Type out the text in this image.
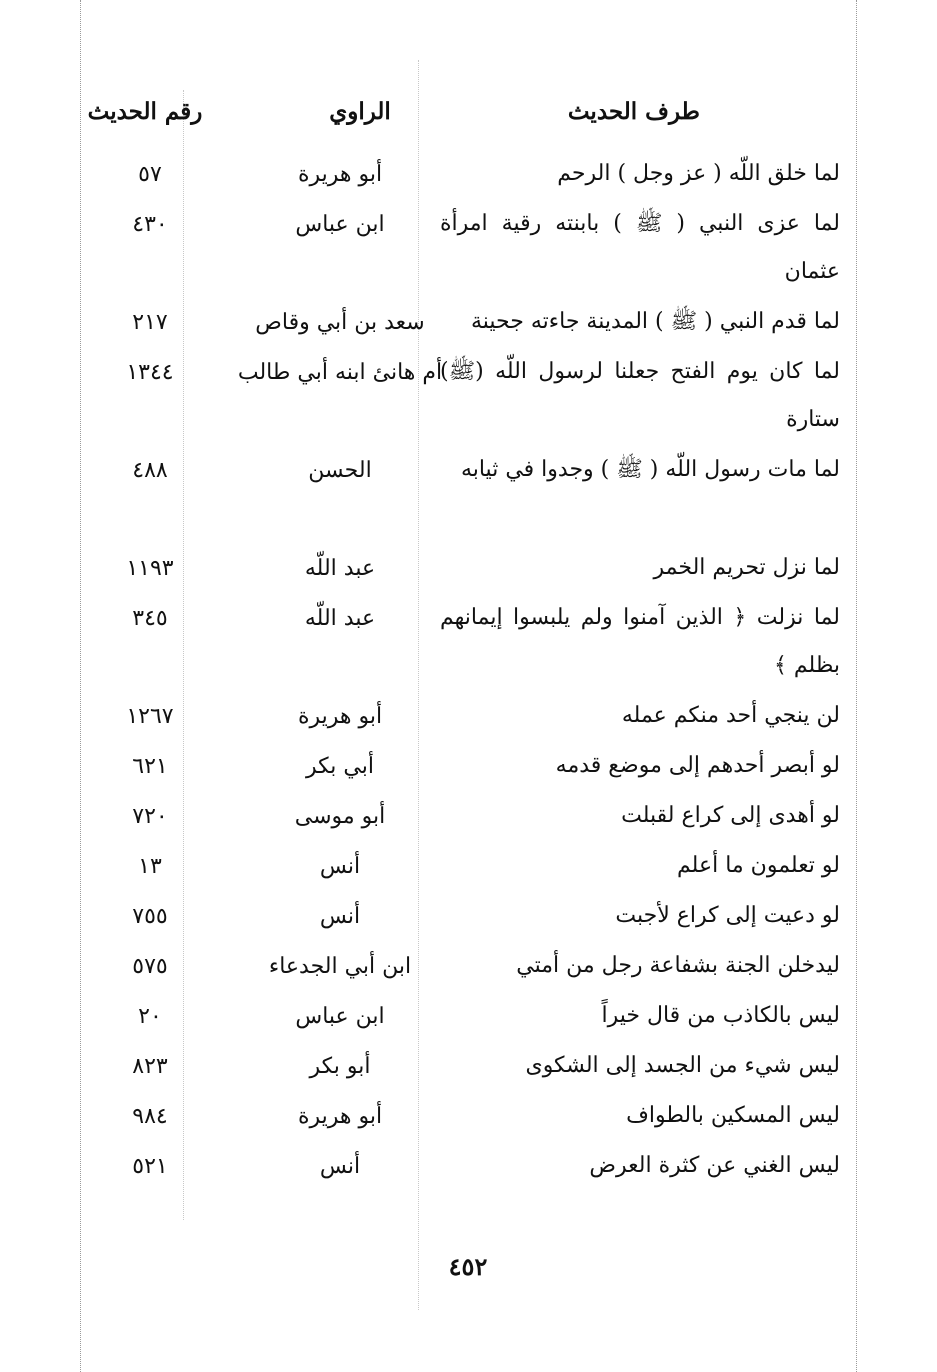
طرف الحديث
الراوي
رقم الحديث
لما خلق اللّه ( عز وجل ) الرحم
أبو هريرة
٥٧
لما عزى النبي ( ﷺ ) بابنته رقية امرأة عثمان
ابن عباس
٤٣٠
لما قدم النبي ( ﷺ ) المدينة جاءته جحينة
سعد بن أبي وقاص
٢١٧
لما كان يوم الفتح جعلنا لرسول اللّه (ﷺ) ستارة
أم هانئ ابنه أبي طالب
١٣٤٤
لما مات رسول اللّه ( ﷺ ) وجدوا في ثيابه
الحسن
٤٨٨
لما نزل تحريم الخمر
عبد اللّه
١١٩٣
لما نزلت ﴿ الذين آمنوا ولم يلبسوا إيمانهم بظلم ﴾
عبد اللّه
٣٤٥
لن ينجي أحد منكم عمله
أبو هريرة
١٢٦٧
لو أبصر أحدهم إلى موضع قدمه
أبي بكر
٦٢١
لو أهدى إلى كراع لقبلت
أبو موسى
٧٢٠
لو تعلمون ما أعلم
أنس
١٣
لو دعيت إلى كراع لأجبت
أنس
٧٥٥
ليدخلن الجنة بشفاعة رجل من أمتي
ابن أبي الجدعاء
٥٧٥
ليس بالكاذب من قال خيراً
ابن عباس
٢٠
ليس شيء من الجسد إلى الشكوى
أبو بكر
٨٢٣
ليس المسكين بالطواف
أبو هريرة
٩٨٤
ليس الغني عن كثرة العرض
أنس
٥٢١
٤٥٢
